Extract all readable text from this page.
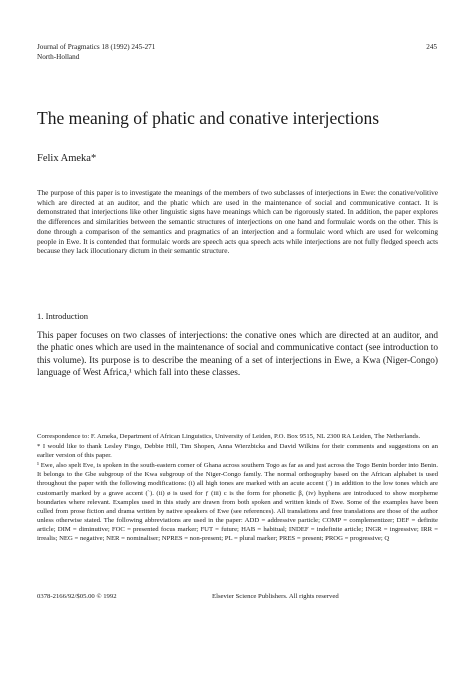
Journal of Pragmatics 18 (1992) 245-271
North-Holland
245
The meaning of phatic and conative interjections
Felix Ameka*
The purpose of this paper is to investigate the meanings of the members of two subclasses of interjections in Ewe: the conative/volitive which are directed at an auditor, and the phatic which are used in the maintenance of social and communicative contact. It is demonstrated that interjections like other linguistic signs have meanings which can be rigorously stated. In addition, the paper explores the differences and similarities between the semantic structures of interjections on one hand and formulaic words on the other. This is done through a comparison of the semantics and pragmatics of an interjection and a formulaic word which are used for welcoming people in Ewe. It is contended that formulaic words are speech acts qua speech acts while interjections are not fully fledged speech acts because they lack illocutionary dictum in their semantic structure.
1. Introduction
This paper focuses on two classes of interjections: the conative ones which are directed at an auditor, and the phatic ones which are used in the maintenance of social and communicative contact (see introduction to this volume). Its purpose is to describe the meaning of a set of interjections in Ewe, a Kwa (Niger-Congo) language of West Africa,¹ which fall into these classes.

Correspondence to: F. Ameka, Department of African Linguistics, University of Leiden, P.O. Box 9515, NL 2300 RA Leiden, The Netherlands.

* I would like to thank Lesley Fingo, Debbie Hill, Tim Shopen, Anna Wierzbicka and David Wilkins for their comments and suggestions on an earlier version of this paper.

¹ Ewe, also spelt Eve, is spoken in the south-eastern corner of Ghana across southern Togo as far as and just across the Togo Benin border into Benin. It belongs to the Gbe subgroup of the Kwa subgroup of the Niger-Congo family. The normal orthography based on the African alphabet is used throughout the paper with the following modifications: (i) all high tones are marked with an acute accent (´) in addition to the low tones which are customarily marked by a grave accent (`). (ii) ø is used for ƒ (iii) c is the form for phonetic β, (iv) hyphens are introduced to show morpheme boundaries where relevant. Examples used in this study are drawn from both spoken and written kinds of Ewe. Some of the examples have been culled from prose fiction and drama written by native speakers of Ewe (see references). All translations and free translations are those of the author unless otherwise stated. The following abbreviations are used in the paper: ADD = addressive particle; COMP = complementizer; DEF = definite article; DIM = diminutive; FOC = presented focus marker; FUT = future; HAB = habitual; INDEF = indefinite article; INGR = ingressive; IRR = irrealis; NEG = negative; NER = nominaliser; NPRES = non-present; PL = plural marker; PRES = present; PROG = progressive; Q

0378-2166/92/$05.00 © 1992	Elsevier Science Publishers. All rights reserved
